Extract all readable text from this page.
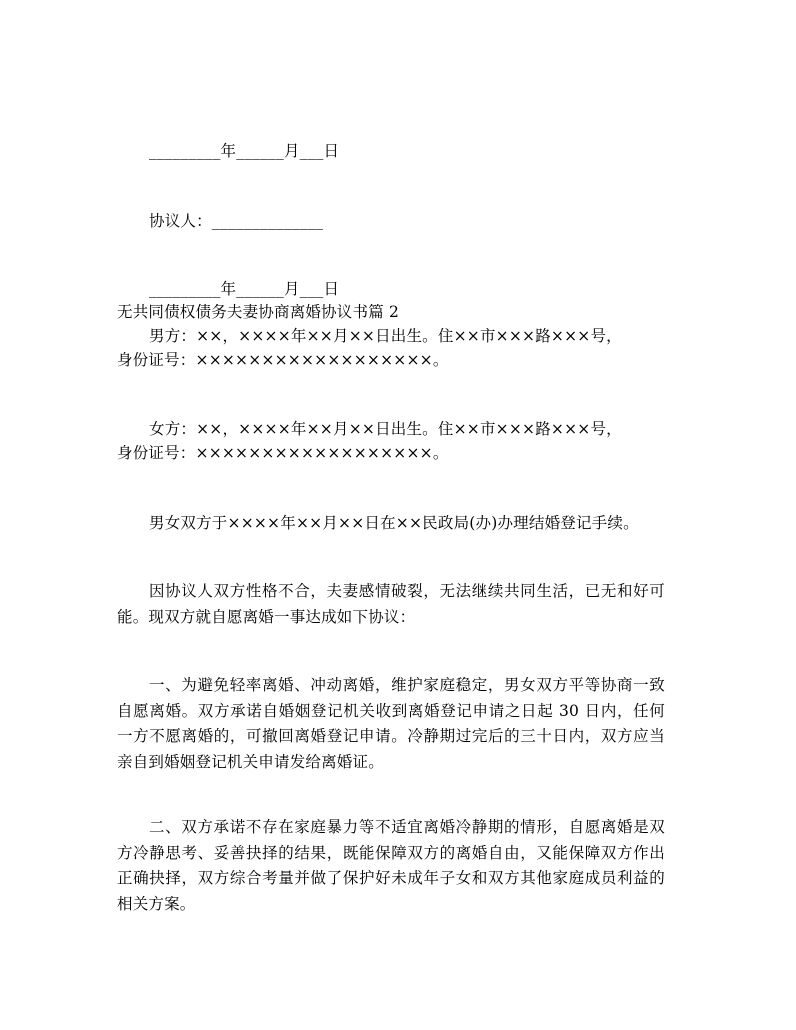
_________年______月___日
协议人：______________
_________年______月___日
无共同债权债务夫妻协商离婚协议书篇 2
男方：××，××××年××月××日出生。住××市×××路×××号，
身份证号：××××××××××××××××××。
女方：××，××××年××月××日出生。住××市×××路×××号，
身份证号：××××××××××××××××××。
男女双方于××××年××月××日在××民政局(办)办理结婚登记手续。
因协议人双方性格不合，夫妻感情破裂，无法继续共同生活，已无和好可能。现双方就自愿离婚一事达成如下协议：
一、为避免轻率离婚、冲动离婚，维护家庭稳定，男女双方平等协商一致自愿离婚。双方承诺自婚姻登记机关收到离婚登记申请之日起 30 日内，任何一方不愿离婚的，可撤回离婚登记申请。冷静期过完后的三十日内，双方应当亲自到婚姻登记机关申请发给离婚证。
二、双方承诺不存在家庭暴力等不适宜离婚冷静期的情形，自愿离婚是双方冷静思考、妥善抉择的结果，既能保障双方的离婚自由，又能保障双方作出正确抉择，双方综合考量并做了保护好未成年子女和双方其他家庭成员利益的相关方案。
